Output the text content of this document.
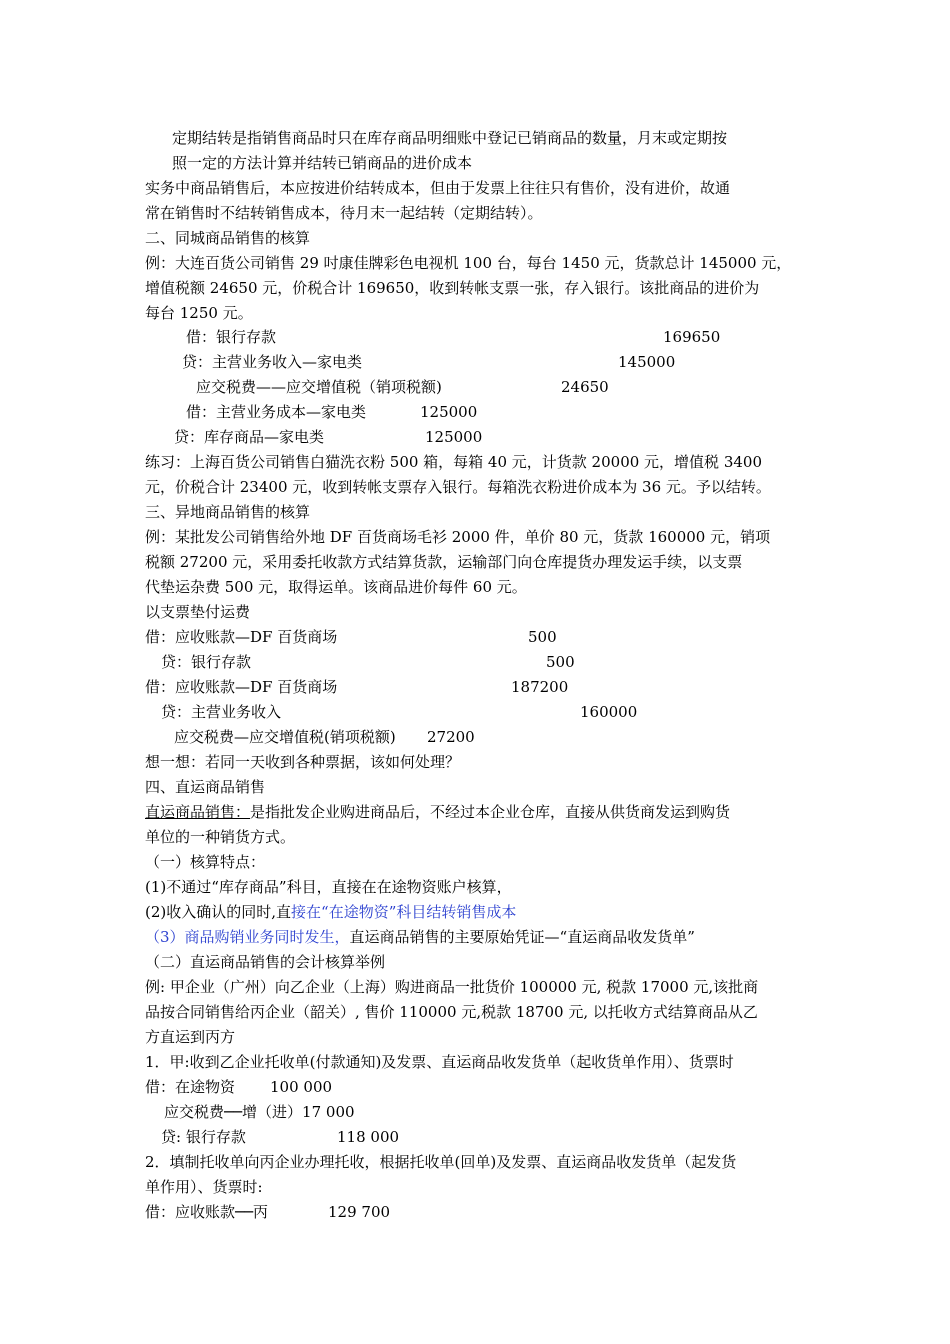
定期结转是指销售商品时只在库存商品明细账中登记已销商品的数量，月末或定期按
照一定的方法计算并结转已销商品的进价成本
实务中商品销售后，本应按进价结转成本，但由于发票上往往只有售价，没有进价，故通
常在销售时不结转销售成本，待月末一起结转（定期结转）。
二、同城商品销售的核算
例：大连百货公司销售 29 吋康佳牌彩色电视机 100 台，每台 1450 元，货款总计 145000 元，
增值税额 24650 元，价税合计 169650，收到转帐支票一张，存入银行。该批商品的进价为
每台 1250 元。
借：银行存款	169650
贷：主营业务收入—家电类	145000
应交税费——应交增值税（销项税额)	24650
借：主营业务成本—家电类	125000
贷：库存商品—家电类	125000
练习：上海百货公司销售白猫洗衣粉 500 箱，每箱 40 元，计货款 20000 元，增值税 3400
元，价税合计 23400 元，收到转帐支票存入银行。每箱洗衣粉进价成本为 36 元。予以结转。
三、异地商品销售的核算
例：某批发公司销售给外地 DF 百货商场毛衫 2000 件，单价 80 元，货款 160000 元，销项
税额 27200 元，采用委托收款方式结算货款，运输部门向仓库提货办理发运手续，以支票
代垫运杂费 500 元，取得运单。该商品进价每件 60 元。
以支票垫付运费
借：应收账款—DF 百货商场	500
贷：银行存款	500
借：应收账款—DF 百货商场	187200
贷：主营业务收入	160000
应交税费—应交增值税(销项税额) 27200
想一想：若同一天收到各种票据，该如何处理？
四、直运商品销售
直运商品销售：是指批发企业购进商品后，不经过本企业仓库，直接从供货商发运到购货
单位的一种销货方式。
（一）核算特点：
(1)不通过“库存商品”科目，直接在在途物资账户核算，
(2)收入确认的同时,直接在“在途物资”科目结转销售成本
（3）商品购销业务同时发生，直运商品销售的主要原始凭证—“直运商品收发货单”
（二）直运商品销售的会计核算举例
例: 甲企业（广州）向乙企业（上海）购进商品一批货价 100000 元, 税款 17000 元,该批商
品按合同销售给丙企业（韶关）, 售价 110000 元,税款 18700 元, 以托收方式结算商品从乙
方直运到丙方
1．甲:收到乙企业托收单(付款通知)及发票、直运商品收发货单（起收货单作用）、货票时
借：在途物资 100 000
应交税费──增（进）17 000
贷: 银行存款	118 000
2．填制托收单向丙企业办理托收，根据托收单(回单)及发票、直运商品收发货单（起发货
单作用）、货票时:
借：应收账款──丙	129 700
